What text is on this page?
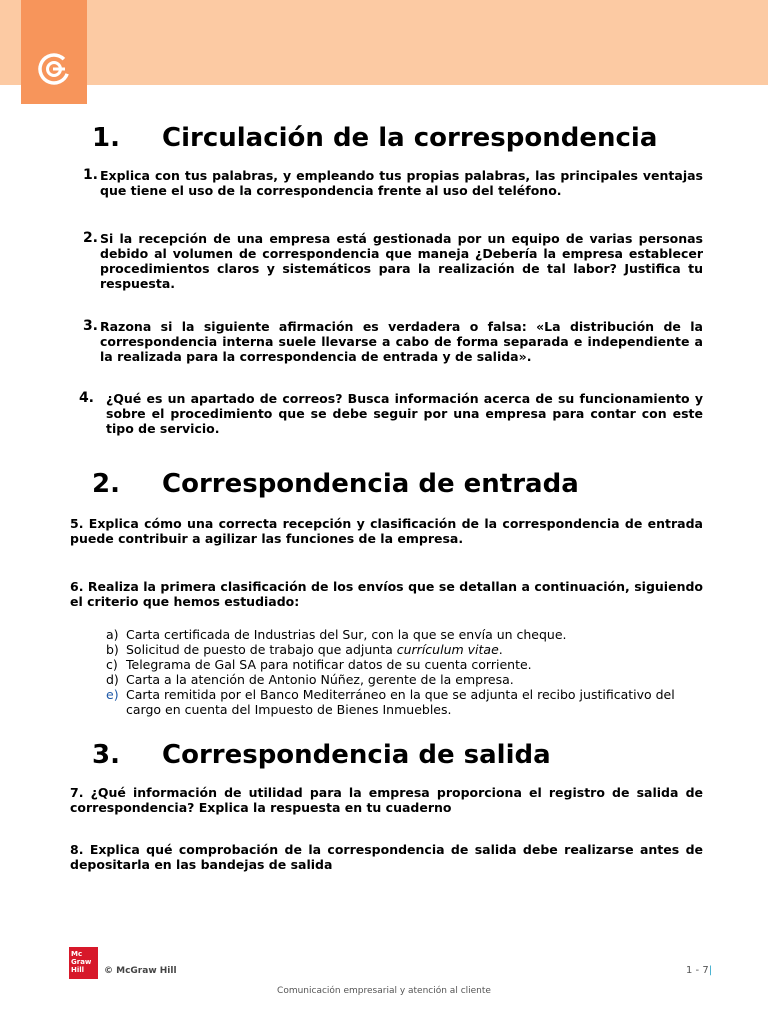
1.	Circulación de la correspondencia
1. Explica con tus palabras, y empleando tus propias palabras, las principales ventajas que tiene el uso de la correspondencia frente al uso del teléfono.
2. Si la recepción de una empresa está gestionada por un equipo de varias personas debido al volumen de correspondencia que maneja ¿Debería la empresa establecer procedimientos claros y sistemáticos para la realización de tal labor? Justifica tu respuesta.
3. Razona si la siguiente afirmación es verdadera o falsa: «La distribución de la correspondencia interna suele llevarse a cabo de forma separada e independiente a la realizada para la correspondencia de entrada y de salida».
4. ¿Qué es un apartado de correos? Busca información acerca de su funcionamiento y sobre el procedimiento que se debe seguir por una empresa para contar con este tipo de servicio.
2.	Correspondencia de entrada
5. Explica cómo una correcta recepción y clasificación de la correspondencia de entrada puede contribuir a agilizar las funciones de la empresa.
6. Realiza la primera clasificación de los envíos que se detallan a continuación, siguiendo el criterio que hemos estudiado:
a) Carta certificada de Industrias del Sur, con la que se envía un cheque.
b) Solicitud de puesto de trabajo que adjunta currículum vitae.
c) Telegrama de Gal SA para notificar datos de su cuenta corriente.
d) Carta a la atención de Antonio Núñez, gerente de la empresa.
e) Carta remitida por el Banco Mediterráneo en la que se adjunta el recibo justificativo del cargo en cuenta del Impuesto de Bienes Inmuebles.
3.	Correspondencia de salida
7. ¿Qué información de utilidad para la empresa proporciona el registro de salida de correspondencia? Explica la respuesta en tu cuaderno
8. Explica qué comprobación de la correspondencia de salida debe realizarse antes de depositarla en las bandejas de salida
Mc
Graw
Hill	© McGraw Hill	1 - 7|
Comunicación empresarial y atención al cliente
